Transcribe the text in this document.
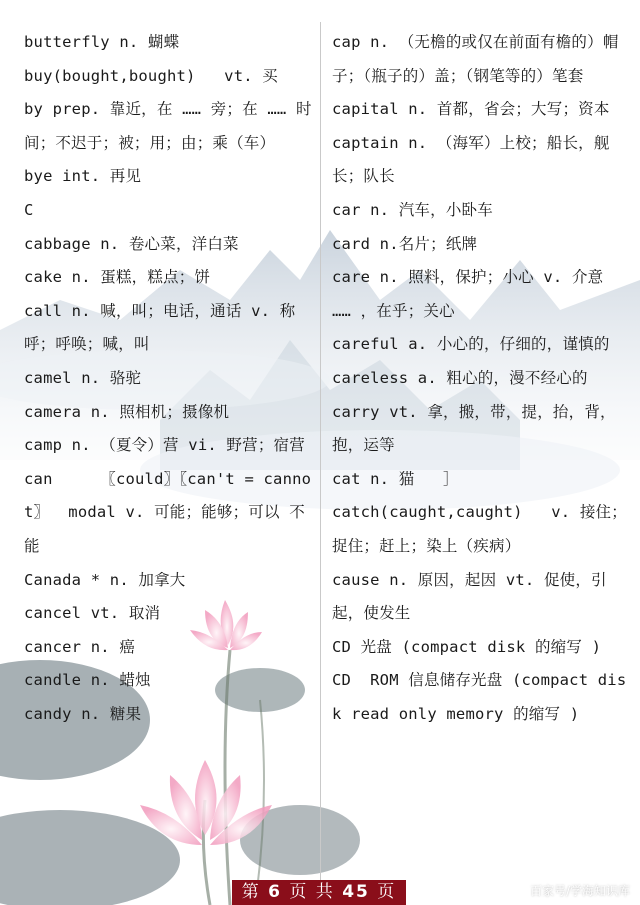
butterfly n. 蝴蝶
buy(bought,bought)   vt. 买
by prep. 靠近，在 …… 旁；在 …… 时间；不迟于；被；用；由；乘（车）
bye int. 再见
C
cabbage n. 卷心菜，洋白菜
cake n. 蛋糕，糕点；饼
call n. 喊，叫；电话，通话 v. 称呼；呼唤；喊，叫
camel n. 骆驼
camera n. 照相机；摄像机
camp n. （夏令）营 vi. 野营；宿营
can     〖could〗〖can't = cannot〗  modal v. 可能；能够；可以 不能
Canada * n. 加拿大
cancel vt. 取消
cancer n. 癌
candle n. 蜡烛
candy n. 糖果
cap n. （无檐的或仅在前面有檐的）帽子；（瓶子的）盖；（钢笔等的）笔套
capital n. 首都，省会；大写；资本
captain n. （海军）上校；船长，舰长；队长
car n. 汽车，小卧车
card n.名片；纸牌
care n. 照料，保护；小心 v. 介意 …… ，在乎；关心
careful a. 小心的，仔细的，谨慎的
careless a. 粗心的，漫不经心的
carry vt. 拿，搬，带，提，抬，背，抱，运等
cat n. 猫   ］
catch(caught,caught)   v. 接住；捉住；赶上；染上（疾病）
cause n. 原因，起因 vt. 促使，引起，使发生
CD 光盘 (compact disk 的缩写 )
CD  ROM 信息储存光盘 (compact disk read only memory 的缩写 )
第 6 页 共 45 页	百家号/学海知识库
